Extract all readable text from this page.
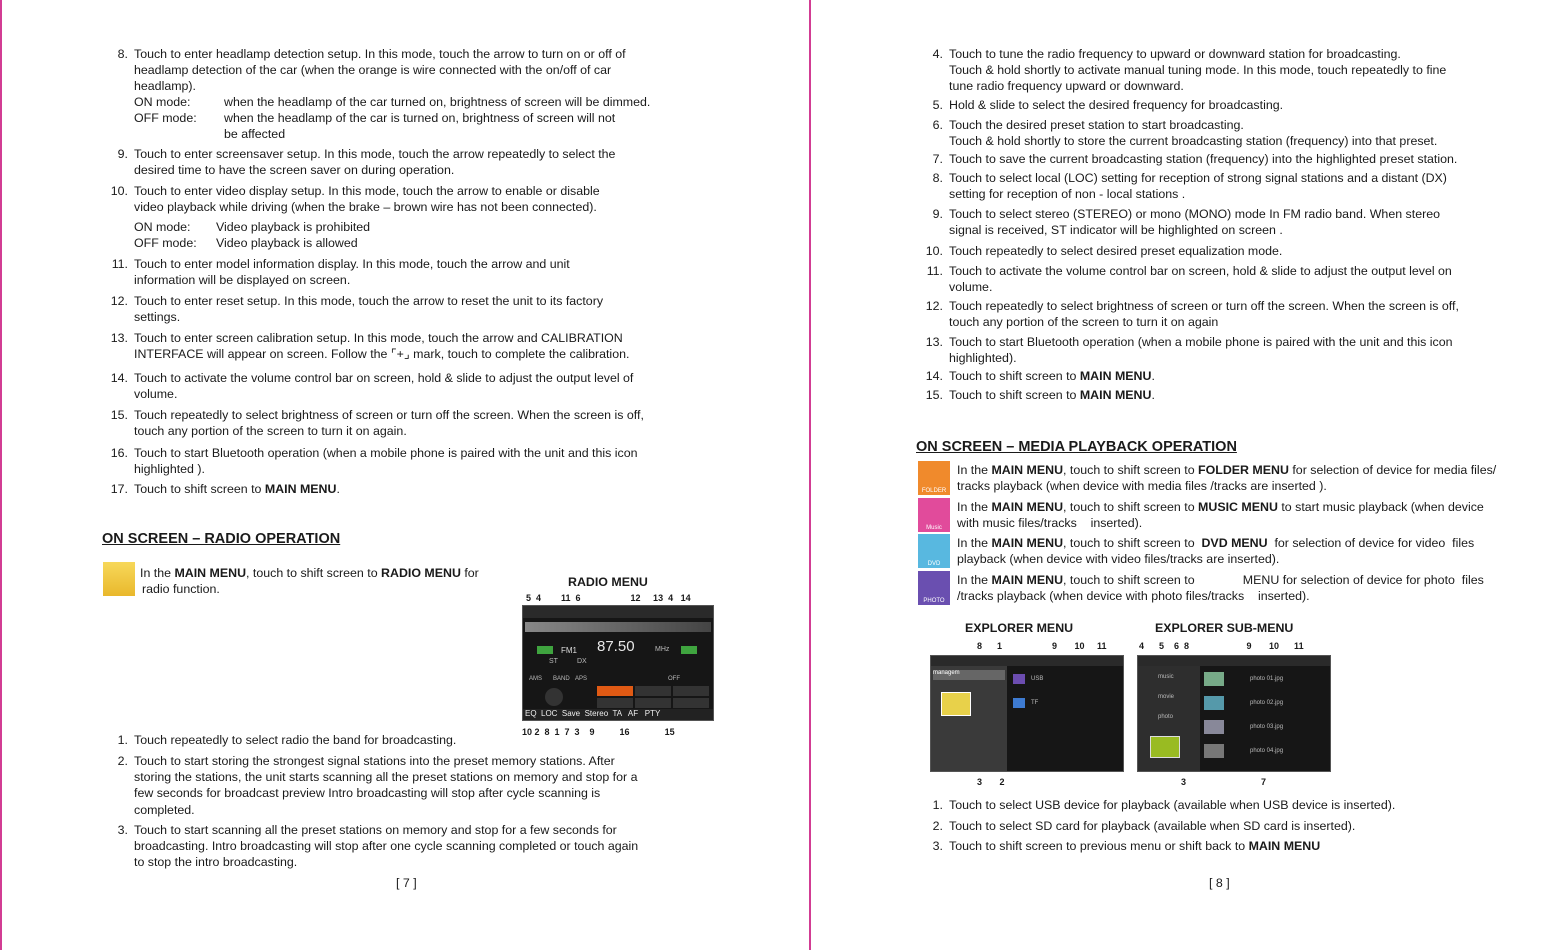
8. Touch to enter headlamp detection setup. In this mode, touch the arrow to turn on or off of
headlamp detection of the car (when the orange is wire connected with the on/off of car
headlamp).
ON mode:	when the headlamp of the car turned on, brightness of screen will be dimmed.
OFF mode: when the headlamp of the car is turned on, brightness of screen will not
be affected
9. Touch to enter screensaver setup. In this mode, touch the arrow repeatedly to select the
desired time to have the screen saver on during operation.
10. Touch to enter video display setup. In this mode, touch the arrow to enable or disable
video playback while driving (when the brake – brown wire has not been connected).
ON mode: Video playback is prohibited
OFF mode: Video playback is allowed
11. Touch to enter model information display. In this mode, touch the arrow and unit
information will be displayed on screen.
12. Touch to enter reset setup. In this mode, touch the arrow to reset the unit to its factory
settings.
13. Touch to enter screen calibration setup. In this mode, touch the arrow and CALIBRATION
INTERFACE will appear on screen. Follow the ⌜+⌟ mark, touch to complete the calibration.
14. Touch to activate the volume control bar on screen, hold & slide to adjust the output level of
volume.
15. Touch repeatedly to select brightness of screen or turn off the screen. When the screen is off,
touch any portion of the screen to turn it on again.
16. Touch to start Bluetooth operation (when a mobile phone is paired with the unit and this icon
highlighted ).
17. Touch to shift screen to MAIN MENU.
ON SCREEN – RADIO OPERATION
In the MAIN MENU, touch to shift screen to RADIO MENU for
radio function.	RADIO MENU
5  4        11  6                    12     13  4   14
FM1 87.50	MHz
ST	DX
AMS BAND APS	OFF
EQ  LOC  Save  Stereo  TA   AF   PTY
10 2  8  1  7  3    9          16              15
1. Touch repeatedly to select radio the band for broadcasting.
2. Touch to start storing the strongest signal stations into the preset memory stations. After
storing the stations, the unit starts scanning all the preset stations on memory and stop for a
few seconds for broadcast preview Intro broadcasting will stop after cycle scanning is
completed.
3. Touch to start scanning all the preset stations on memory and stop for a few seconds for
broadcasting. Intro broadcasting will stop after one cycle scanning completed or touch again
to stop the intro broadcasting.
[ 7 ]
4. Touch to tune the radio frequency to upward or downward station for broadcasting.
Touch & hold shortly to activate manual tuning mode. In this mode, touch repeatedly to fine
tune radio frequency upward or downward.
5. Hold & slide to select the desired frequency for broadcasting.
6. Touch the desired preset station to start broadcasting.
Touch & hold shortly to store the current broadcasting station (frequency) into that preset.
7. Touch to save the current broadcasting station (frequency) into the highlighted preset station.
8. Touch to select local (LOC) setting for reception of strong signal stations and a distant (DX)
setting for reception of non - local stations .
9. Touch to select stereo (STEREO) or mono (MONO) mode In FM radio band. When stereo
signal is received, ST indicator will be highlighted on screen .
10. Touch repeatedly to select desired preset equalization mode.
11. Touch to activate the volume control bar on screen, hold & slide to adjust the output level on
volume.
12. Touch repeatedly to select brightness of screen or turn off the screen. When the screen is off,
touch any portion of the screen to turn it on again
13. Touch to start Bluetooth operation (when a mobile phone is paired with the unit and this icon
highlighted).
14. Touch to shift screen to MAIN MENU.
15. Touch to shift screen to MAIN MENU.
ON SCREEN – MEDIA PLAYBACK OPERATION
FOLDER
In the MAIN MENU, touch to shift screen to FOLDER MENU for selection of device for media files/
tracks playback (when device with media files /tracks are inserted ).
Music
In the MAIN MENU, touch to shift screen to MUSIC MENU to start music playback (when device
with music files/tracks    inserted).
DVD
In the MAIN MENU, touch to shift screen to  DVD MENU  for selection of device for video  files
playback (when device with video files/tracks are inserted).
PHOTO
In the MAIN MENU, touch to shift screen to              MENU for selection of device for photo  files
/tracks playback (when device with photo files/tracks    inserted).
EXPLORER MENU	EXPLORER SUB-MENU
8      1                    9       10     11	4      5    6  8                       9       10      11
managem
USB
TF
music
movie
photo
photo 01.jpg
photo 02.jpg
photo 03.jpg
photo 04.jpg
3       2	3                              7
1. Touch to select USB device for playback (available when USB device is inserted).
2. Touch to select SD card for playback (available when SD card is inserted).
3. Touch to shift screen to previous menu or shift back to MAIN MENU
[ 8 ]
